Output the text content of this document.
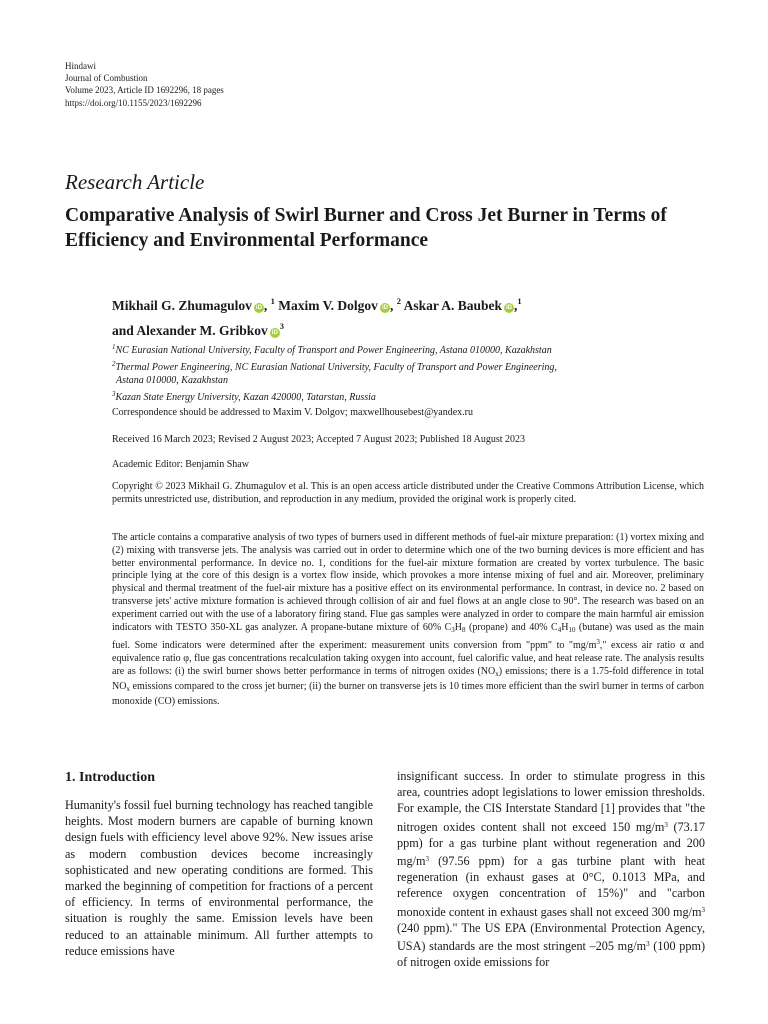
Hindawi
Journal of Combustion
Volume 2023, Article ID 1692296, 18 pages
https://doi.org/10.1155/2023/1692296
Research Article
Comparative Analysis of Swirl Burner and Cross Jet Burner in Terms of Efficiency and Environmental Performance
Mikhail G. Zhumagulov iD , $^1$ Maxim V. Dolgov iD , $^2$ Askar A. Baubek iD ,$^1$
and Alexander M. Gribkov $iD^3$
$^1$NC Eurasian National University, Faculty of Transport and Power Engineering, Astana 010000, Kazakhstan
$^2$Thermal Power Engineering, NC Eurasian National University, Faculty of Transport and Power Engineering,
Astana 010000, Kazakhstan
$^3$Kazan State Energy University, Kazan 420000, Tatarstan, Russia
Correspondence should be addressed to Maxim V. Dolgov; maxwellhousebest@yandex.ru
Received 16 March 2023; Revised 2 August 2023; Accepted 7 August 2023; Published 18 August 2023
Academic Editor: Benjamin Shaw
Copyright © 2023 Mikhail G. Zhumagulov et al. This is an open access article distributed under the Creative Commons Attribution License, which permits unrestricted use, distribution, and reproduction in any medium, provided the original work is properly cited.
The article contains a comparative analysis of two types of burners used in different methods of fuel-air mixture preparation: (1) vortex mixing and (2) mixing with transverse jets. The analysis was carried out in order to determine which one of the two burning devices is more efficient and has better environmental performance. In device no. 1, conditions for the fuel-air mixture formation are created by vortex turbulence. The basic principle lying at the core of this design is a vortex flow inside, which provokes a more intense mixing of fuel and air. Moreover, preliminary physical and thermal treatment of the fuel-air mixture has a positive effect on its environmental performance. In contrast, in device no. 2 based on transverse jets' active mixture formation is achieved through collision of air and fuel flows at an angle close to 90°. The research was based on an experiment carried out with the use of a laboratory firing stand. Flue gas samples were analyzed in order to compare the main harmful air emission indicators with TESTO 350-XL gas analyzer. A propane-butane mixture of 60% $C_3H_8$ (propane) and 40% $C_4H_{10}$ (butane) was used as the main fuel. Some indicators were determined after the experiment: measurement units conversion from "ppm" to "$mg/m^3$," excess air ratio α and equivalence ratio φ, flue gas concentrations recalculation taking oxygen into account, fuel calorific value, and heat release rate. The analysis results are as follows: (i) the swirl burner shows better performance in terms of nitrogen oxides $(NO_x)$ emissions; there is a 1.75-fold difference in total $NO_x$ emissions compared to the cross jet burner; (ii) the burner on transverse jets is 10 times more efficient than the swirl burner in terms of carbon monoxide (CO) emissions.
1. Introduction
Humanity's fossil fuel burning technology has reached tangible heights. Most modern burners are capable of burning known design fuels with efficiency level above 92%. New issues arise as modern combustion devices become increasingly sophisticated and new operating conditions are formed. This marked the beginning of competition for fractions of a percent of efficiency. In terms of environmental performance, the situation is roughly the same. Emission levels have been reduced to an attainable minimum. All further attempts to reduce emissions have
insignificant success. In order to stimulate progress in this area, countries adopt legislations to lower emission thresholds. For example, the CIS Interstate Standard [1] provides that "the nitrogen oxides content shall not exceed 150 $mg/m^3$ (73.17 ppm) for a gas turbine plant without regeneration and 200 $mg/m^3$ (97.56 ppm) for a gas turbine plant with heat regeneration (in exhaust gases at 0°C, 0.1013 MPa, and reference oxygen concentration of 15%)" and "carbon monoxide content in exhaust gases shall not exceed 300 $mg/m^3$ (240 ppm)." The US EPA (Environmental Protection Agency, USA) standards are the most stringent –205 $mg/m^3$ (100 ppm) of nitrogen oxide emissions for
